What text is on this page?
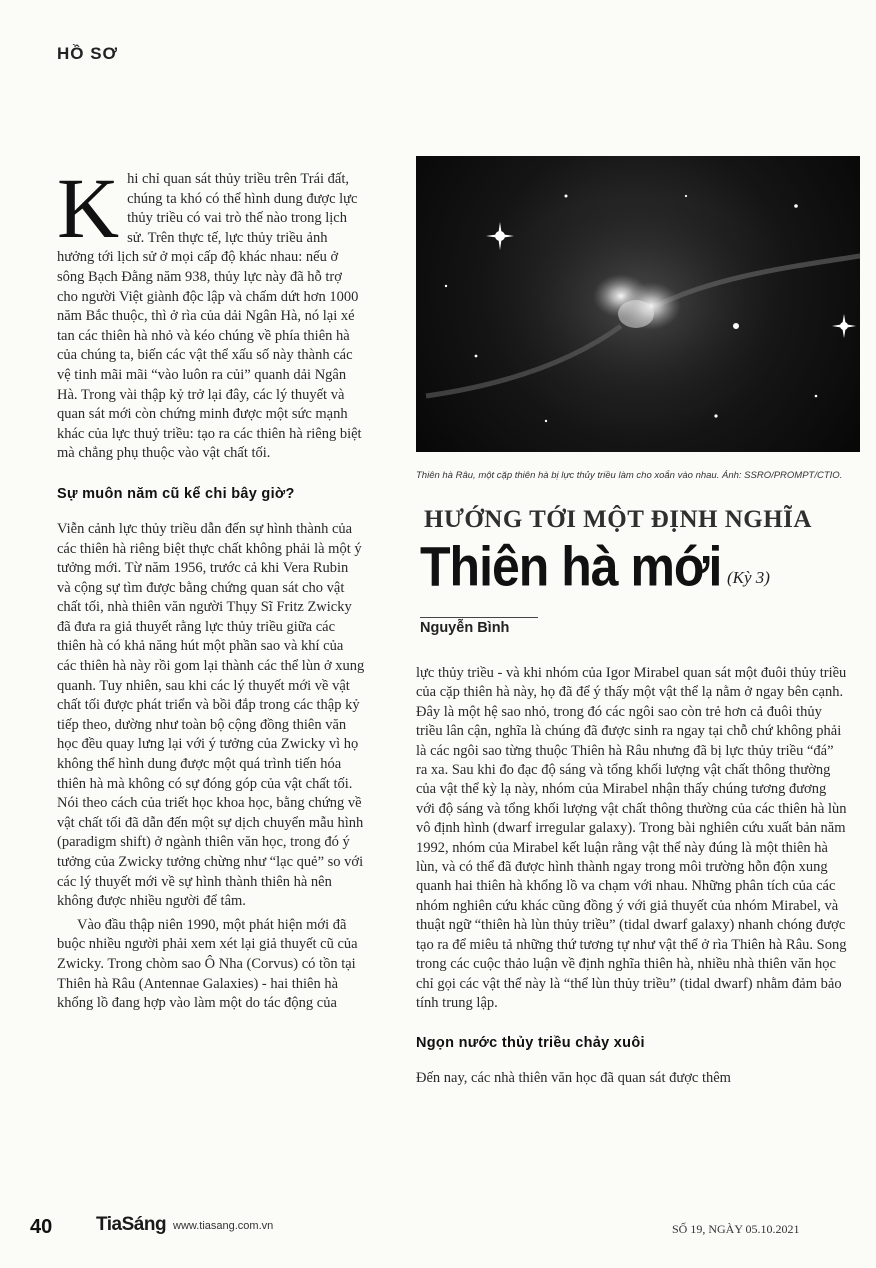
HỒ SƠ

Khi chỉ quan sát thủy triều trên Trái đất, chúng ta khó có thể hình dung được lực thủy triều có vai trò thế nào trong lịch sử. Trên thực tế, lực thủy triều ảnh hưởng tới lịch sử ở mọi cấp độ khác nhau: nếu ở sông Bạch Đằng năm 938, thủy lực này đã hỗ trợ cho người Việt giành độc lập và chấm dứt hơn 1000 năm Bắc thuộc, thì ở rìa của dải Ngân Hà, nó lại xé tan các thiên hà nhỏ và kéo chúng về phía thiên hà của chúng ta, biến các vật thể xấu số này thành các vệ tinh mãi mãi “vào luôn ra củi” quanh dải Ngân Hà. Trong vài thập kỷ trở lại đây, các lý thuyết và quan sát mới còn chứng minh được một sức mạnh khác của lực thuỷ triều: tạo ra các thiên hà riêng biệt mà chẳng phụ thuộc vào vật chất tối.

Sự muôn năm cũ kể chi bây giờ?

Viễn cảnh lực thủy triều dẫn đến sự hình thành của các thiên hà riêng biệt thực chất không phải là một ý tưởng mới. Từ năm 1956, trước cả khi Vera Rubin và cộng sự tìm được bằng chứng quan sát cho vật chất tối, nhà thiên văn người Thụy Sĩ Fritz Zwicky đã đưa ra giả thuyết rằng lực thủy triều giữa các thiên hà có khả năng hút một phần sao và khí của các thiên hà này rồi gom lại thành các thể lùn ở xung quanh. Tuy nhiên, sau khi các lý thuyết mới về vật chất tối được phát triển và bồi đắp trong các thập kỷ tiếp theo, dường như toàn bộ cộng đồng thiên văn học đều quay lưng lại với ý tưởng của Zwicky vì họ không thể hình dung được một quá trình tiến hóa thiên hà mà không có sự đóng góp của vật chất tối. Nói theo cách của triết học khoa học, bằng chứng về vật chất tối đã dẫn đến một sự dịch chuyển mẫu hình (paradigm shift) ở ngành thiên văn học, trong đó ý tưởng của Zwicky tưởng chừng như “lạc quẻ” so với các lý thuyết mới về sự hình thành thiên hà nên không được nhiều người để tâm.

Vào đầu thập niên 1990, một phát hiện mới đã buộc nhiều người phải xem xét lại giả thuyết cũ của Zwicky. Trong chòm sao Ô Nha (Corvus) có tồn tại Thiên hà Râu (Antennae Galaxies) - hai thiên hà khổng lồ đang hợp vào làm một do tác động của

Thiên hà Râu, một cặp thiên hà bị lực thủy triều làm cho xoắn vào nhau. Ảnh: SSRO/PROMPT/CTIO.
HƯỚNG TỚI MỘT ĐỊNH NGHĨA
Thiên hà mới (Kỳ 3)
Nguyễn Bình

lực thủy triều - và khi nhóm của Igor Mirabel quan sát một đuôi thủy triều của cặp thiên hà này, họ đã để ý thấy một vật thể lạ nằm ở ngay bên cạnh. Đây là một hệ sao nhỏ, trong đó các ngôi sao còn trẻ hơn cả đuôi thủy triều lân cận, nghĩa là chúng đã được sinh ra ngay tại chỗ chứ không phải là các ngôi sao từng thuộc Thiên hà Râu nhưng đã bị lực thủy triều “đá” ra xa. Sau khi đo đạc độ sáng và tổng khối lượng vật chất thông thường của vật thể kỳ lạ này, nhóm của Mirabel nhận thấy chúng tương đương với độ sáng và tổng khối lượng vật chất thông thường của các thiên hà lùn vô định hình (dwarf irregular galaxy). Trong bài nghiên cứu xuất bản năm 1992, nhóm của Mirabel kết luận rằng vật thể này đúng là một thiên hà lùn, và có thể đã được hình thành ngay trong môi trường hỗn độn xung quanh hai thiên hà khổng lồ va chạm với nhau. Những phân tích của các nhóm nghiên cứu khác cũng đồng ý với giả thuyết của nhóm Mirabel, và thuật ngữ “thiên hà lùn thủy triều” (tidal dwarf galaxy) nhanh chóng được tạo ra để miêu tả những thứ tương tự như vật thể ở rìa Thiên hà Râu. Song trong các cuộc thảo luận về định nghĩa thiên hà, nhiều nhà thiên văn học chỉ gọi các vật thể này là “thể lùn thủy triều” (tidal dwarf) nhằm đảm bảo tính trung lập.

Ngọn nước thủy triều chảy xuôi

Đến nay, các nhà thiên văn học đã quan sát được thêm

40 TiaSáng www.tiasang.com.vn	SỐ 19, NGÀY 05.10.2021
